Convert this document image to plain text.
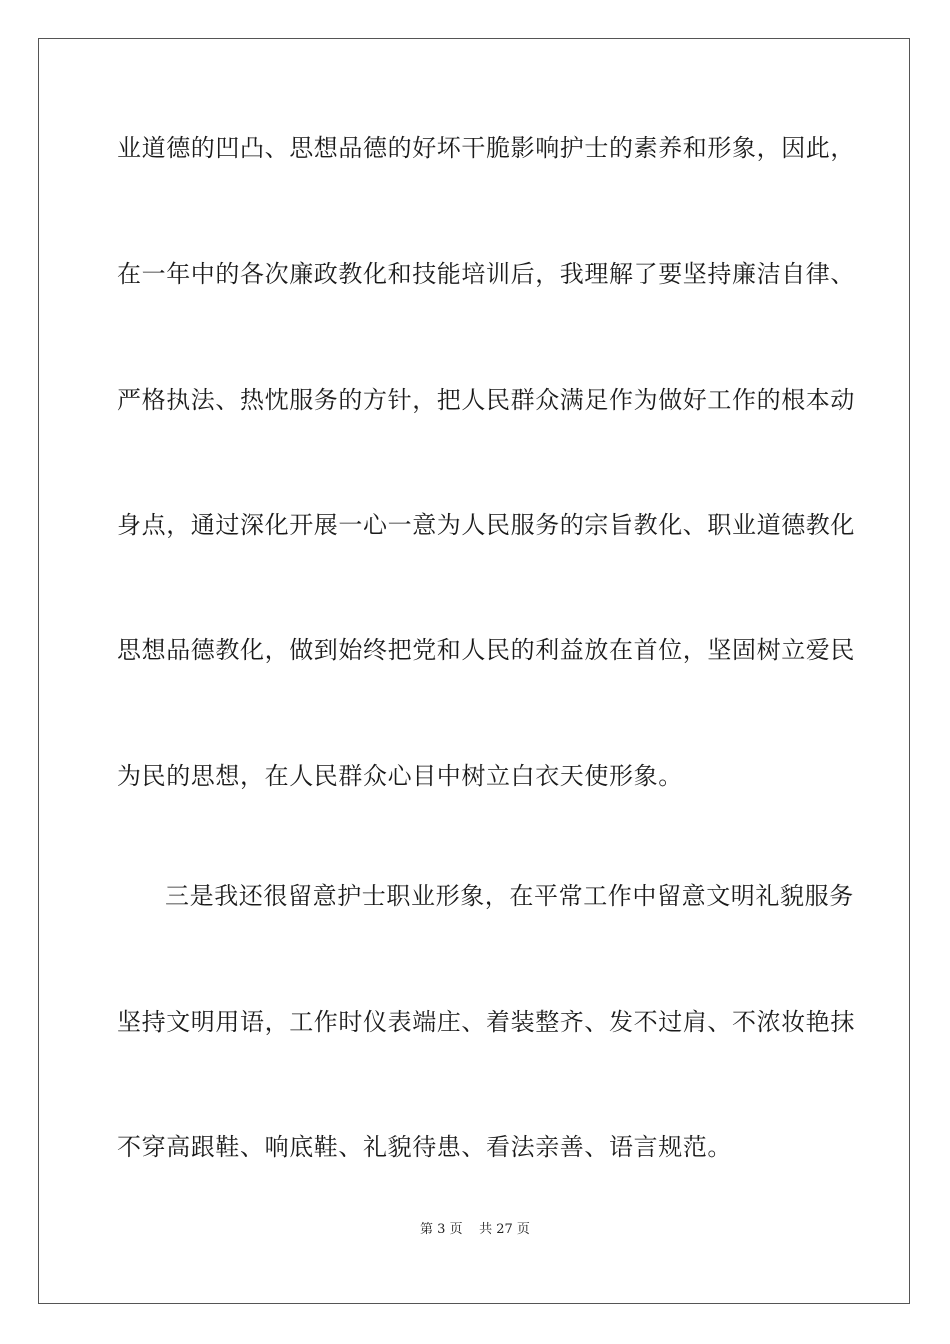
业道德的凹凸、思想品德的好坏干脆影响护士的素养和形象，因此，
在一年中的各次廉政教化和技能培训后，我理解了要坚持廉洁自律、
严格执法、热忱服务的方针，把人民群众满足作为做好工作的根本动
身点，通过深化开展一心一意为人民服务的宗旨教化、职业道德教化
思想品德教化，做到始终把党和人民的利益放在首位，坚固树立爱民
为民的思想，在人民群众心目中树立白衣天使形象。
三是我还很留意护士职业形象，在平常工作中留意文明礼貌服务
坚持文明用语，工作时仪表端庄、着装整齐、发不过肩、不浓妆艳抹
不穿高跟鞋、响底鞋、礼貌待患、看法亲善、语言规范。
第 3 页 共 27 页
